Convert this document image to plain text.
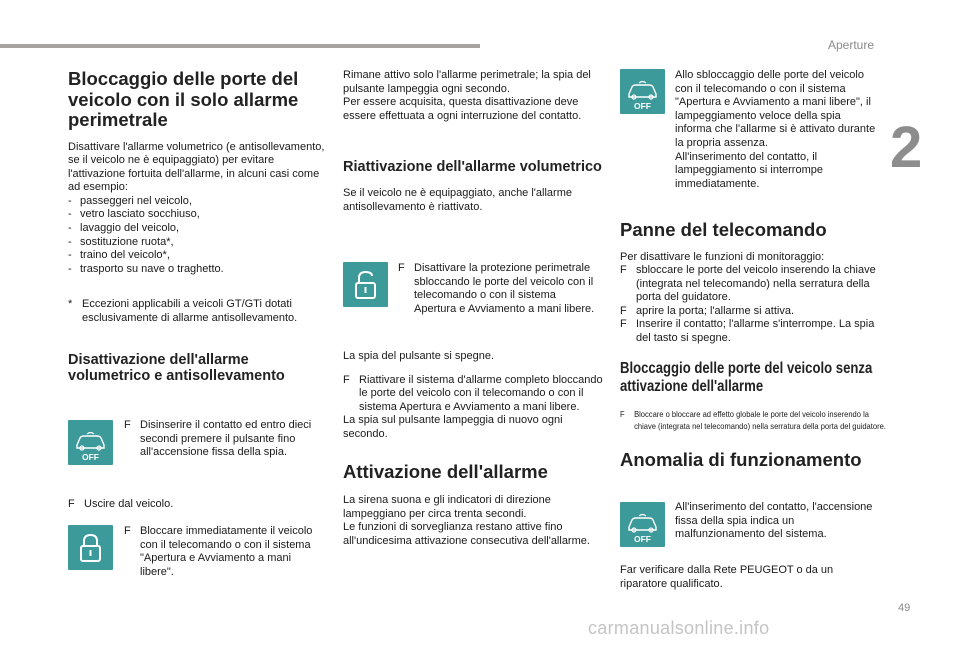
Aperture
2
Bloccaggio delle porte del veicolo con il solo allarme perimetrale

Disattivare l'allarme volumetrico (e antisollevamento, se il veicolo ne è equipaggiato) per evitare l'attivazione fortuita dell'allarme, in alcuni casi come ad esempio:

- passeggeri nel veicolo,
- vetro lasciato socchiuso,
- lavaggio del veicolo,
- sostituzione ruota*,
- traino del veicolo*,
- trasporto su nave o traghetto.
* Eccezioni applicabili a veicoli GT/GTi dotati esclusivamente di allarme antisollevamento.
Disattivazione dell'allarme volumetrico e antisollevamento
OFF
F Disinserire il contatto ed entro dieci secondi premere il pulsante fino all'accensione fissa della spia.
F Uscire dal veicolo.
F Bloccare immediatamente il veicolo con il telecomando o con il sistema "Apertura e Avviamento a mani libere".

Rimane attivo solo l'allarme perimetrale; la spia del pulsante lampeggia ogni secondo.
Per essere acquisita, questa disattivazione deve essere effettuata a ogni interruzione del contatto.

Riattivazione dell'allarme volumetrico

Se il veicolo ne è equipaggiato, anche l'allarme antisollevamento è riattivato.

F Disattivare la protezione perimetrale sbloccando le porte del veicolo con il telecomando o con il sistema Apertura e Avviamento a mani libere.

La spia del pulsante si spegne.

F Riattivare il sistema d'allarme completo bloccando le porte del veicolo con il telecomando o con il sistema Apertura e Avviamento a mani libere.

La spia sul pulsante lampeggia di nuovo ogni secondo.

Attivazione dell'allarme

La sirena suona e gli indicatori di direzione lampeggiano per circa trenta secondi.
Le funzioni di sorveglianza restano attive fino all'undicesima attivazione consecutiva dell'allarme.

OFF

Allo sbloccaggio delle porte del veicolo con il telecomando o con il sistema "Apertura e Avviamento a mani libere", il lampeggiamento veloce della spia informa che l'allarme si è attivato durante la propria assenza.
All'inserimento del contatto, il lampeggiamento si interrompe immediatamente.

Panne del telecomando

Per disattivare le funzioni di monitoraggio:

F sbloccare le porte del veicolo inserendo la chiave (integrata nel telecomando) nella serratura della porta del guidatore.
F aprire la porta; l'allarme si attiva.
F Inserire il contatto; l'allarme s'interrompe. La spia del tasto si spegne.
Bloccaggio delle porte del veicolo senza attivazione dell'allarme
F Bloccare o bloccare ad effetto globale le porte del veicolo inserendo la chiave (integrata nel telecomando) nella serratura della porta del guidatore.
Anomalia di funzionamento
OFF

All'inserimento del contatto, l'accensione fissa della spia indica un malfunzionamento del sistema.

Far verificare dalla Rete PEUGEOT o da un riparatore qualificato.

49
carmanualsonline.info
